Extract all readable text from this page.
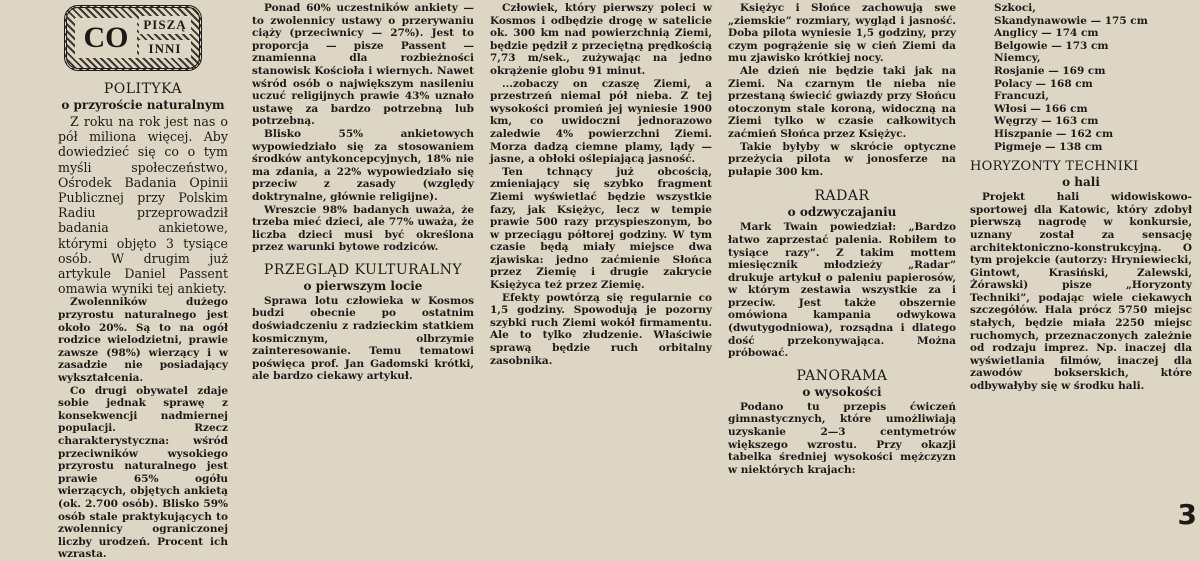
CO	PISZĄ
INNI
POLITYKA
o przyroście naturalnym

Z roku na rok jest nas o pół miliona więcej. Aby dowiedzieć się co o tym myśli społeczeństwo, Ośrodek Badania Opinii Publicznej przy Polskim Radiu przeprowadził badania ankietowe, którymi objęto 3 tysiące osób. W drugim już artykule Daniel Passent omawia wyniki tej ankiety.

Zwolenników dużego przyrostu naturalnego jest około 20%. Są to na ogół rodzice wielodzietni, prawie zawsze (98%) wierzący i w zasadzie nie posiadający wykształcenia.

Co drugi obywatel zdaje sobie jednak sprawę z konsekwencji nadmiernej populacji. Rzecz charakterystyczna: wśród przeciwników wysokiego przyrostu naturalnego jest prawie 65% ogółu wierzących, objętych ankietą (ok. 2.700 osób). Blisko 59% osób stale praktykujących to zwolennicy ograniczonej liczby urodzeń. Procent ich wzrasta.

Ponad 60% uczestników ankiety — to zwolennicy ustawy o przerywaniu ciąży (przeciwnicy — 27%). Jest to proporcja — pisze Passent — znamienna dla rozbieżności stanowisk Kościoła i wiernych. Nawet wśród osób o największym nasileniu uczuć religijnych prawie 43% uznało ustawę za bardzo potrzebną lub potrzebną.

Blisko 55% ankietowych wypowiedziało się za stosowaniem środków antykoncepcyjnych, 18% nie ma zdania, a 22% wypowiedziało się przeciw z zasady (względy doktrynalne, głównie religijne).

Wreszcie 98% badanych uważa, że trzeba mieć dzieci, ale 77% uważa, że liczba dzieci musi być określona przez warunki bytowe rodziców.

PRZEGLĄD KULTURALNY
o pierwszym locie

Sprawa lotu człowieka w Kosmos budzi obecnie po ostatnim doświadczeniu z radzieckim statkiem kosmicznym, olbrzymie zainteresowanie. Temu tematowi poświęca prof. Jan Gadomski krótki, ale bardzo ciekawy artykuł.

Człowiek, który pierwszy poleci w Kosmos i odbędzie drogę w satelicie ok. 300 km nad powierzchnią Ziemi, będzie pędził z przeciętną prędkością 7,73 m/sek., zużywając na jedno okrążenie globu 91 minut.

...zobaczy on czaszę Ziemi, a przestrzeń niemal pół nieba. Z tej wysokości promień jej wyniesie 1900 km, co uwidoczni jednorazowo zaledwie 4% powierzchni Ziemi. Morza dadzą ciemne plamy, lądy — jasne, a obłoki oślepiającą jasność.

Ten tchnący już obcością, zmieniający się szybko fragment Ziemi wyświetlać będzie wszystkie fazy, jak Księżyc, lecz w tempie prawie 500 razy przyspieszonym, bo w przeciągu półtorej godziny. W tym czasie będą miały miejsce dwa zjawiska: jedno zaćmienie Słońca przez Ziemię i drugie zakrycie Księżyca też przez Ziemię.

Efekty powtórzą się regularnie co 1,5 godziny. Spowodują je pozorny szybki ruch Ziemi wokół firmamentu. Ale to tylko złudzenie. Właściwie sprawą będzie ruch orbitalny zasobnika.

Księżyc i Słońce zachowują swe „ziemskie” rozmiary, wygląd i jasność. Doba pilota wyniesie 1,5 godziny, przy czym pogrążenie się w cień Ziemi da mu zjawisko krótkiej nocy.

Ale dzień nie będzie taki jak na Ziemi. Na czarnym tle nieba nie przestaną świecić gwiazdy przy Słońcu otoczonym stale koroną, widoczną na Ziemi tylko w czasie całkowitych zaćmień Słońca przez Księżyc.

Takie byłyby w skrócie optyczne przeżycia pilota w jonosferze na pułapie 300 km.

RADAR
o odzwyczajaniu

Mark Twain powiedział: „Bardzo łatwo zaprzestać palenia. Robiłem to tysiące razy”. Z takim mottem miesięcznik młodzieży „Radar” drukuje artykuł o paleniu papierosów, w którym zestawia wszystkie za i przeciw. Jest także obszernie omówiona kampania odwykowa (dwutygodniowa), rozsądna i dlatego dość przekonywająca. Można próbować.

PANORAMA
o wysokości

Podano tu przepis ćwiczeń gimnastycznych, które umożliwiają uzyskanie 2—3 centymetrów większego wzrostu. Przy okazji tabelka średniej wysokości mężczyzn w niektórych krajach:

Szkoci,

Skandynawowie — 175 cm

Anglicy — 174 cm

Belgowie — 173 cm

Niemcy,

Rosjanie — 169 cm

Polacy — 168 cm

Francuzi,

Włosi — 166 cm

Węgrzy — 163 cm

Hiszpanie — 162 cm

Pigmeje — 138 cm

HORYZONTY TECHNIKI
o hali

Projekt hali widowiskowo-sportowej dla Katowic, który zdobył pierwszą nagrodę w konkursie, uznany został za sensację architektoniczno-konstrukcyjną. O tym projekcie (autorzy: Hryniewiecki, Gintowt, Krasiński, Zalewski, Żórawski) pisze „Horyzonty Techniki”, podając wiele ciekawych szczegółów. Hala prócz 5750 miejsc stałych, będzie miała 2250 miejsc ruchomych, przeznaczonych zależnie od rodzaju imprez. Np. inaczej dla wyświetlania filmów, inaczej dla zawodów bokserskich, które odbywałyby się w środku hali.

3
